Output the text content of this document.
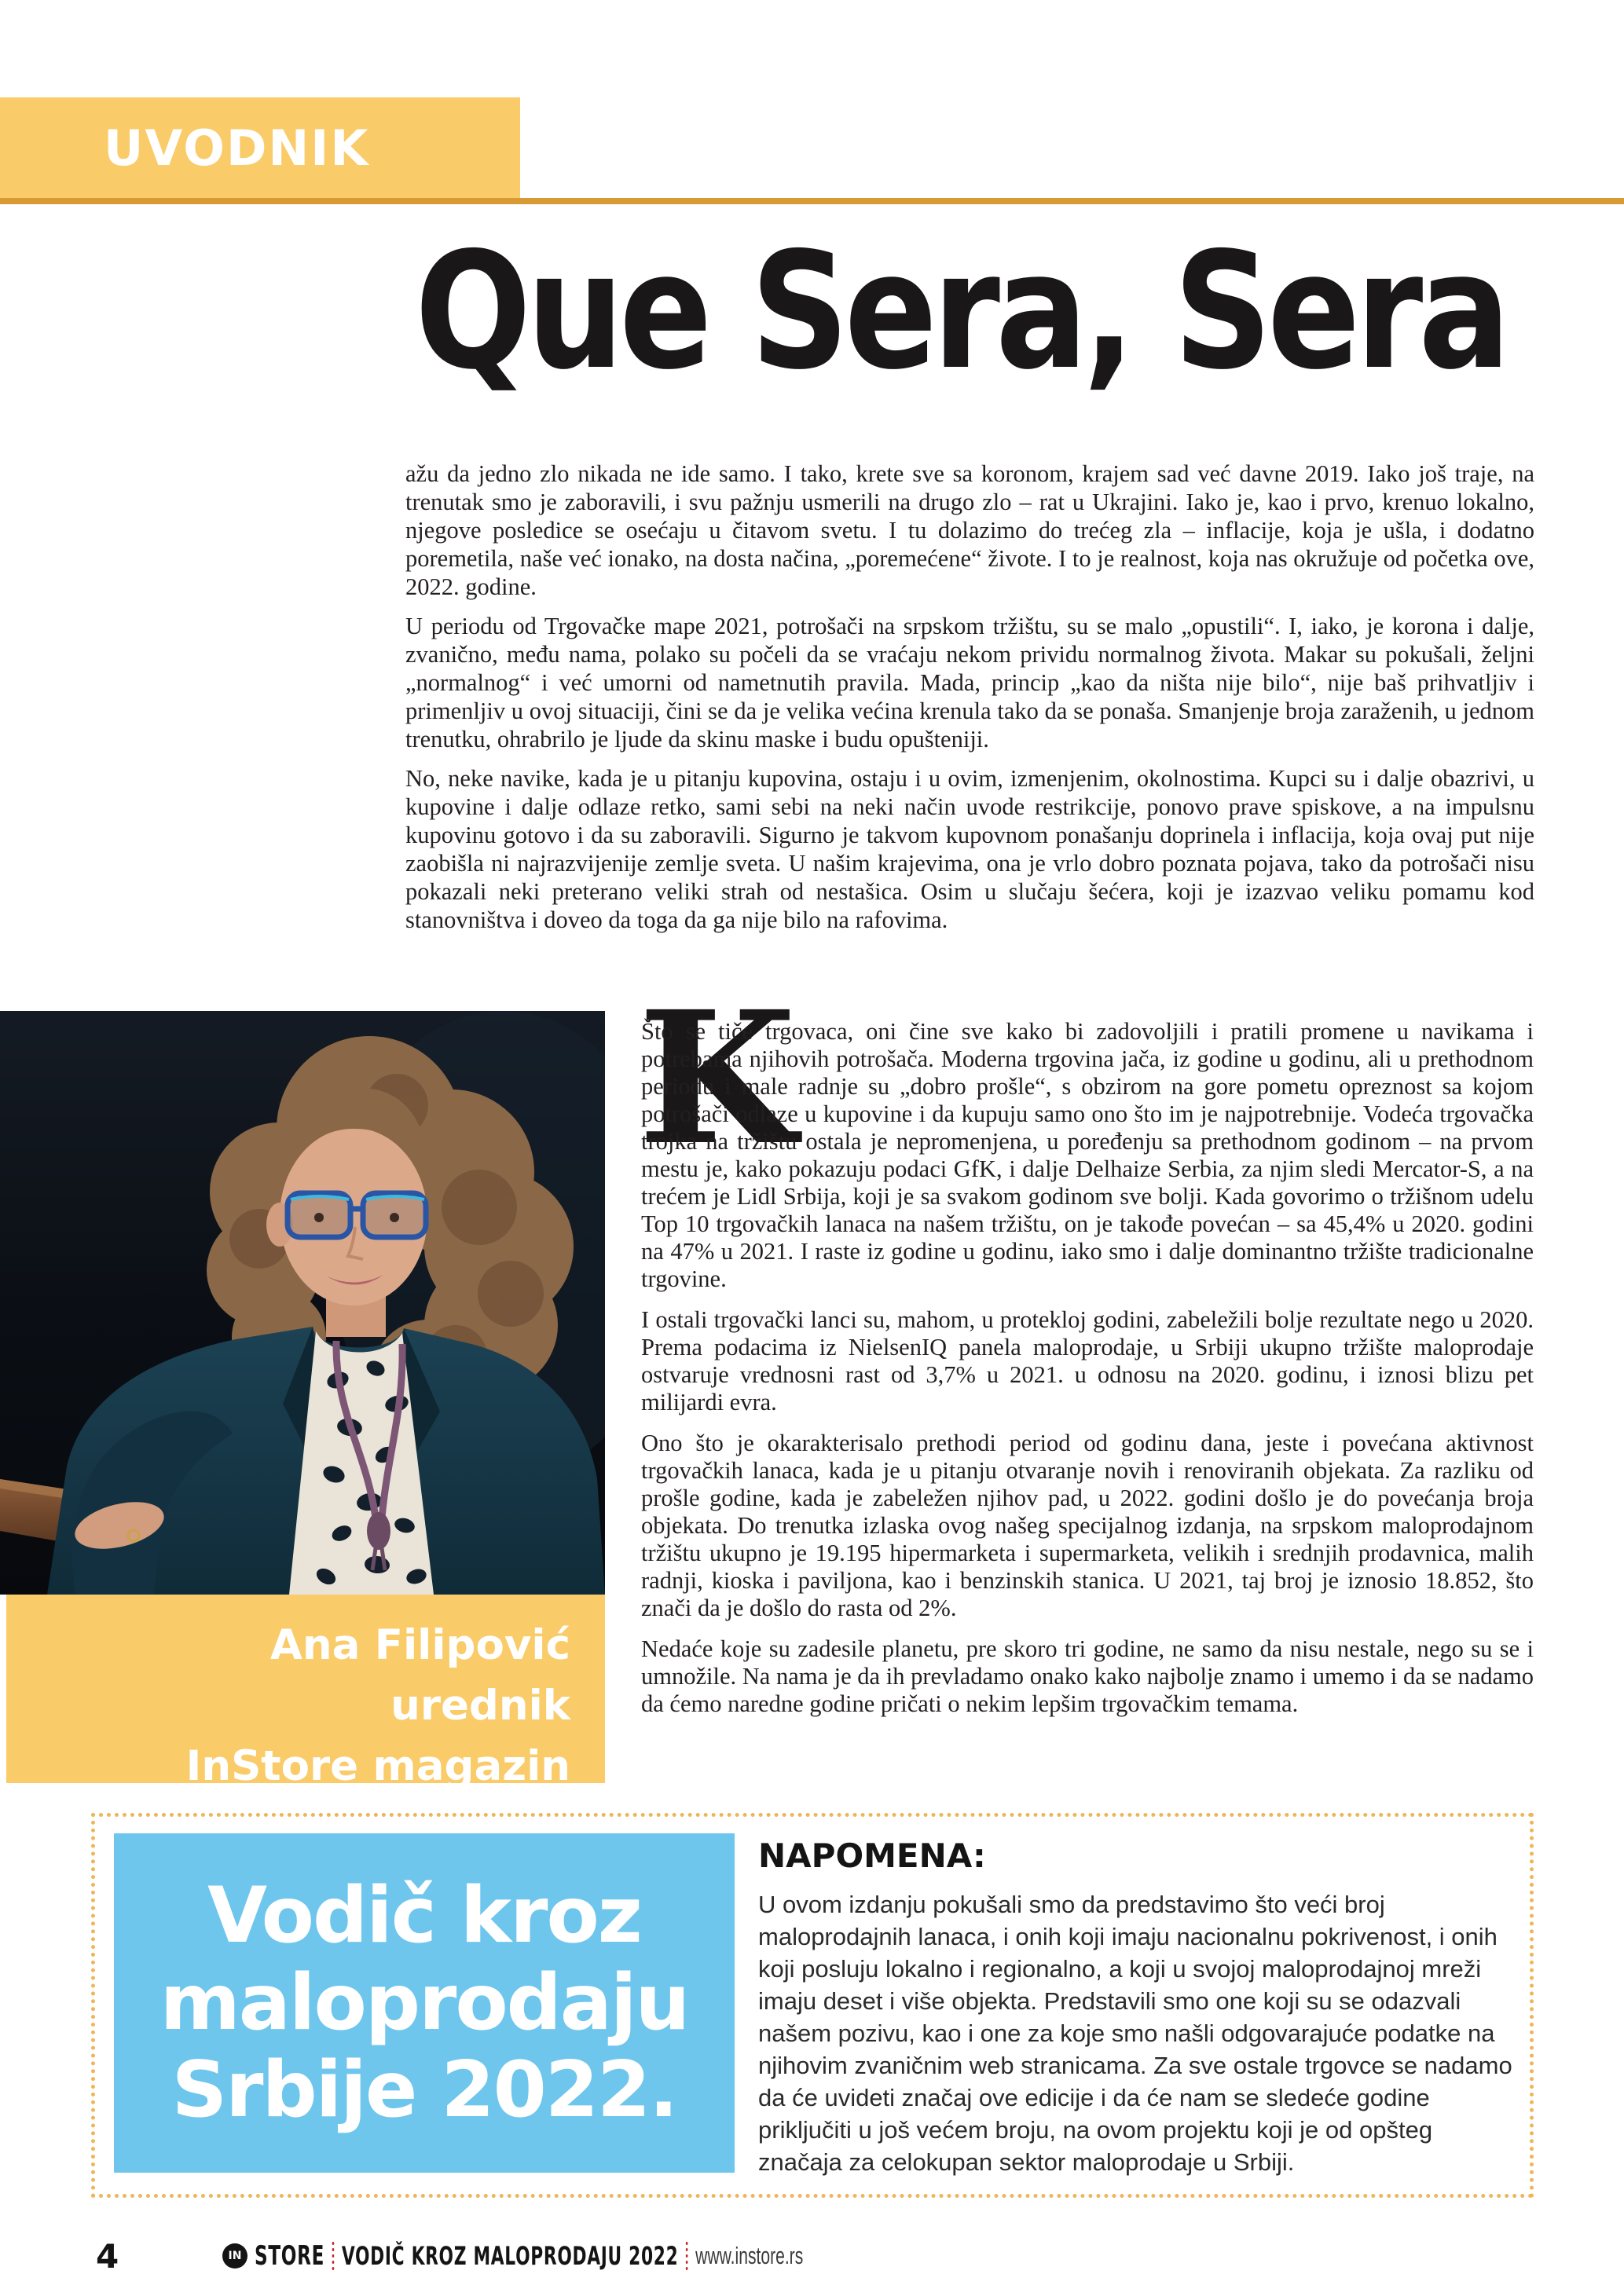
UVODNIK
Que Sera, Sera

K
ažu da jedno zlo nikada ne ide samo. I tako, krete sve sa koronom, krajem sad već davne 2019. Iako još traje, na trenutak smo je zaboravili, i svu pažnju usmerili na drugo zlo – rat u Ukrajini. Iako je, kao i prvo, krenuo lokalno, njegove posledice se osećaju u čitavom svetu. I tu dolazimo do trećeg zla – inflacije, koja je ušla, i dodatno poremetila, naše već ionako, na dosta načina, „poremećene“ živote. I to je realnost, koja nas okružuje od početka ove, 2022. godine.

U periodu od Trgovačke mape 2021, potrošači na srpskom tržištu, su se malo „opustili“. I, iako, je korona i dalje, zvanično, među nama, polako su počeli da se vraćaju nekom prividu normalnog života. Makar su pokušali, željni „normalnog“ i već umorni od nametnutih pravila. Mada, princip „kao da ništa nije bilo“, nije baš prihvatljiv i primenljiv u ovoj situaciji, čini se da je velika većina krenula tako da se ponaša. Smanjenje broja zaraženih, u jednom trenutku, ohrabrilo je ljude da skinu maske i budu opušteniji.

No, neke navike, kada je u pitanju kupovina, ostaju i u ovim, izmenjenim, okolnostima. Kupci su i dalje obazrivi, u kupovine i dalje odlaze retko, sami sebi na neki način uvode restrikcije, ponovo prave spiskove, a na impulsnu kupovinu gotovo i da su zaboravili. Sigurno je takvom kupovnom ponašanju doprinela i inflacija, koja ovaj put nije zaobišla ni najrazvijenije zemlje sveta. U našim krajevima, ona je vrlo dobro poznata pojava, tako da potrošači nisu pokazali neki preterano veliki strah od nestašica. Osim u slučaju šećera, koji je izazvao veliku pomamu kod stanovništva i doveo da toga da ga nije bilo na rafovima.

Što se tiče trgovaca, oni čine sve kako bi zadovoljili i pratili promene u navikama i potrebama njihovih potrošača. Moderna trgovina jača, iz godine u godinu, ali u prethodnom periodu i male radnje su „dobro prošle“, s obzirom na gore pometu opreznost sa kojom potrošači odlaze u kupovine i da kupuju samo ono što im je najpotrebnije. Vodeća trgovačka trojka na tržištu ostala je nepromenjena, u poređenju sa prethodnom godinom – na prvom mestu je, kako pokazuju podaci GfK, i dalje Delhaize Serbia, za njim sledi Mercator-S, a na trećem je Lidl Srbija, koji je sa svakom godinom sve bolji. Kada govorimo o tržišnom udelu Top 10 trgovačkih lanaca na našem tržištu, on je takođe povećan – sa 45,4% u 2020. godini na 47% u 2021. I raste iz godine u godinu, iako smo i dalje dominantno tržište tradicionalne trgovine.

I ostali trgovački lanci su, mahom, u protekloj godini, zabeležili bolje rezultate nego u 2020. Prema podacima iz NielsenIQ panela maloprodaje, u Srbiji ukupno tržište maloprodaje ostvaruje vrednosni rast od 3,7% u 2021. u odnosu na 2020. godinu, i iznosi blizu pet milijardi evra.

Ono što je okarakterisalo prethodi period od godinu dana, jeste i povećana aktivnost trgovačkih lanaca, kada je u pitanju otvaranje novih i renoviranih objekata. Za razliku od prošle godine, kada je zabeležen njihov pad, u 2022. godini došlo je do povećanja broja objekata. Do trenutka izlaska ovog našeg specijalnog izdanja, na srpskom maloprodajnom tržištu ukupno je 19.195 hipermarketa i supermarketa, velikih i srednjih prodavnica, malih radnji, kioska i paviljona, kao i benzinskih stanica. U 2021, taj broj je iznosio 18.852, što znači da je došlo do rasta od 2%.

Nedaće koje su zadesile planetu, pre skoro tri godine, ne samo da nisu nestale, nego su se i umnožile. Na nama je da ih prevladamo onako kako najbolje znamo i umemo i da se nadamo da ćemo naredne godine pričati o nekim lepšim trgovačkim temama.

Ana Filipović
urednik
InStore magazin
Vodič kroz
maloprodaju
Srbije 2022.
NAPOMENA:
U ovom izdanju pokušali smo da predstavimo što veći broj maloprodajnih lanaca, i onih koji imaju nacionalnu pokrivenost, i onih koji posluju lokalno i regionalno, a koji u svojoj maloprodajnoj mreži imaju deset i više objekta. Predstavili smo one koji su se odazvali našem pozivu, kao i one za koje smo našli odgovarajuće podatke na njihovim zvaničnim web stranicama. Za sve ostale trgovce se nadamo da će uvideti značaj ove edicije i da će nam se sledeće godine priključiti u još većem broju, na ovom projektu koji je od opšteg značaja za celokupan sektor maloprodaje u Srbiji.
4	IN STORE VODIČ KROZ MALOPRODAJU 2022 www.instore.rs
